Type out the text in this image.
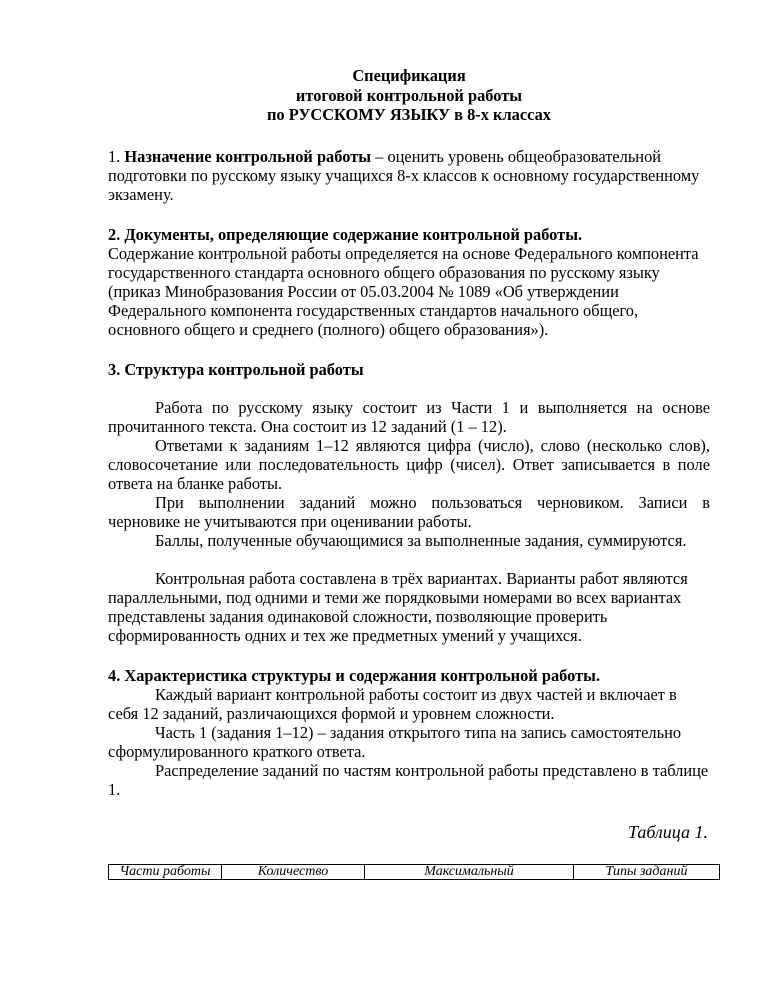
Спецификация
итоговой контрольной работы
по РУССКОМУ ЯЗЫКУ в 8-х классах

1. Назначение контрольной работы – оценить уровень общеобразовательной подготовки по русскому языку учащихся 8-х классов к основному государственному экзамену.

2. Документы, определяющие содержание контрольной работы.

Содержание контрольной работы определяется на основе Федерального компонента государственного стандарта основного общего образования по русскому языку (приказ Минобразования России от 05.03.2004 № 1089 «Об утверждении Федерального компонента государственных стандартов начального общего, основного общего и среднего (полного) общего образования»).

3. Структура контрольной работы

Работа по русскому языку состоит из Части 1 и выполняется на основе прочитанного текста. Она состоит из 12 заданий (1 – 12).

Ответами к заданиям 1–12 являются цифра (число), слово (несколько слов), словосочетание или последовательность цифр (чисел). Ответ записывается в поле ответа на бланке работы.

При выполнении заданий можно пользоваться черновиком. Записи в черновике не учитываются при оценивании работы.

Баллы, полученные обучающимися за выполненные задания, суммируются.

Контрольная работа составлена в трёх вариантах. Варианты работ являются параллельными, под одними и теми же порядковыми номерами во всех вариантах представлены задания одинаковой сложности, позволяющие проверить сформированность одних и тех же предметных умений у учащихся.

4. Характеристика структуры и содержания контрольной работы.

Каждый вариант контрольной работы состоит из двух частей и включает в себя 12 заданий, различающихся формой и уровнем сложности.

Часть 1 (задания 1–12) – задания открытого типа на запись самостоятельно сформулированного краткого ответа.

Распределение заданий по частям контрольной работы представлено в таблице 1.

Таблица 1.
Части работы	Количество	Максимальный	Типы заданий
